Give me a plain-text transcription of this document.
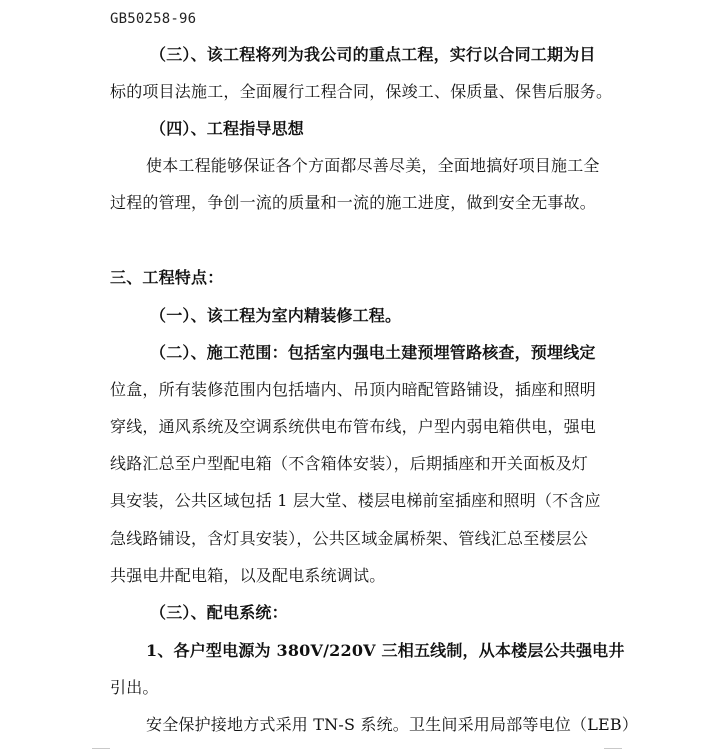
GB50258-96
（三）、该工程将列为我公司的重点工程，实行以合同工期为目
标的项目法施工，全面履行工程合同，保竣工、保质量、保售后服务。
（四）、工程指导思想
使本工程能够保证各个方面都尽善尽美，全面地搞好项目施工全
过程的管理，争创一流的质量和一流的施工进度，做到安全无事故。
三、工程特点：
（一）、该工程为室内精装修工程。
（二）、施工范围：包括室内强电土建预埋管路核查，预埋线定
位盒，所有装修范围内包括墙内、吊顶内暗配管路铺设，插座和照明
穿线，通风系统及空调系统供电布管布线，户型内弱电箱供电，强电
线路汇总至户型配电箱（不含箱体安装），后期插座和开关面板及灯
具安装，公共区域包括 1 层大堂、楼层电梯前室插座和照明（不含应
急线路铺设，含灯具安装），公共区域金属桥架、管线汇总至楼层公
共强电井配电箱，以及配电系统调试。
（三）、配电系统：
1、各户型电源为 380V/220V 三相五线制，从本楼层公共强电井
引出。
安全保护接地方式采用 TN-S 系统。卫生间采用局部等电位（LEB）
